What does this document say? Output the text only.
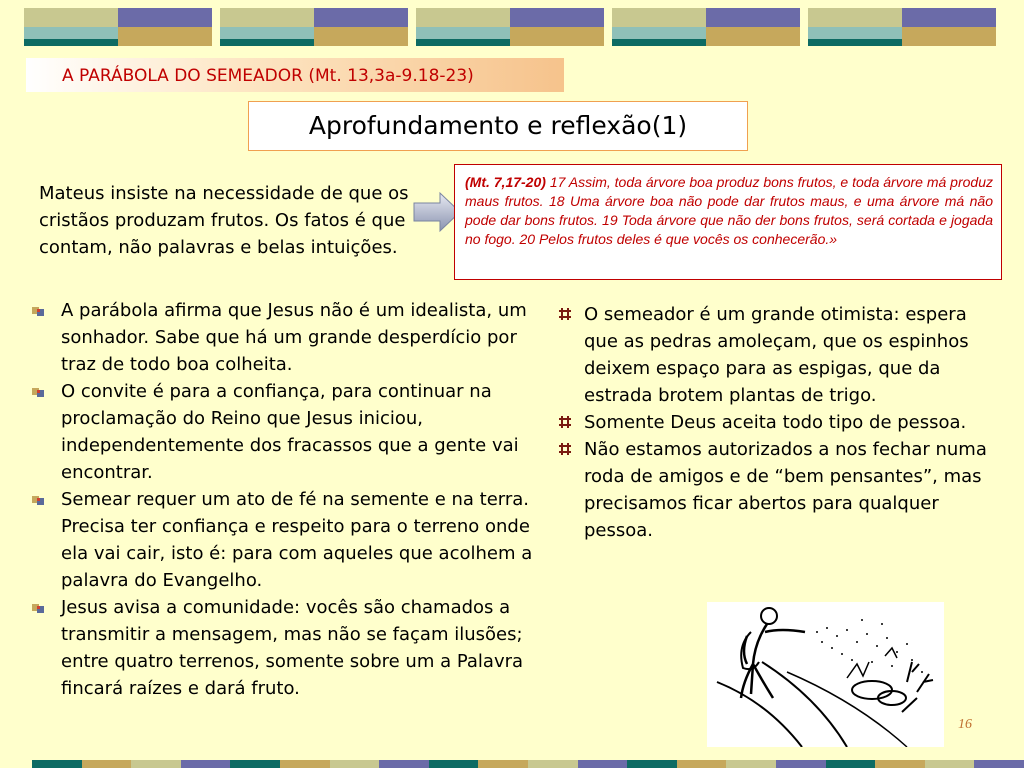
A PARÁBOLA DO SEMEADOR (Mt. 13,3a-9.18-23)
Aprofundamento e reflexão(1)

Mateus insiste na necessidade de que os cristãos produzam frutos. Os fatos é que contam, não palavras e belas intuições.

(Mt. 7,17-20) 17 Assim, toda árvore boa produz bons frutos, e toda árvore má produz maus frutos. 18 Uma árvore boa não pode dar frutos maus, e uma árvore má não pode dar bons frutos. 19 Toda árvore que não der bons frutos, será cortada e jogada no fogo. 20 Pelos frutos deles é que vocês os conhecerão.»
A parábola afirma que Jesus não é um idealista, um sonhador. Sabe que há um grande desperdício por traz de todo boa colheita.
O convite é para a confiança, para continuar na proclamação do Reino que Jesus iniciou, independentemente dos fracassos que a gente vai encontrar.
Semear requer um ato de fé na semente e na terra. Precisa ter confiança e respeito para o terreno onde ela vai cair, isto é: para com aqueles que acolhem a palavra do Evangelho.
Jesus avisa a comunidade: vocês são chamados a transmitir a mensagem, mas não se façam ilusões; entre quatro terrenos, somente sobre um a Palavra fincará raízes e dará fruto.
O semeador é um grande otimista: espera que as pedras amoleçam, que os espinhos deixem espaço para as espigas, que da estrada brotem plantas de trigo.
Somente Deus aceita todo tipo de pessoa.
Não estamos autorizados a nos fechar numa roda de amigos e de “bem pensantes”, mas precisamos ficar abertos para qualquer pessoa.
16
